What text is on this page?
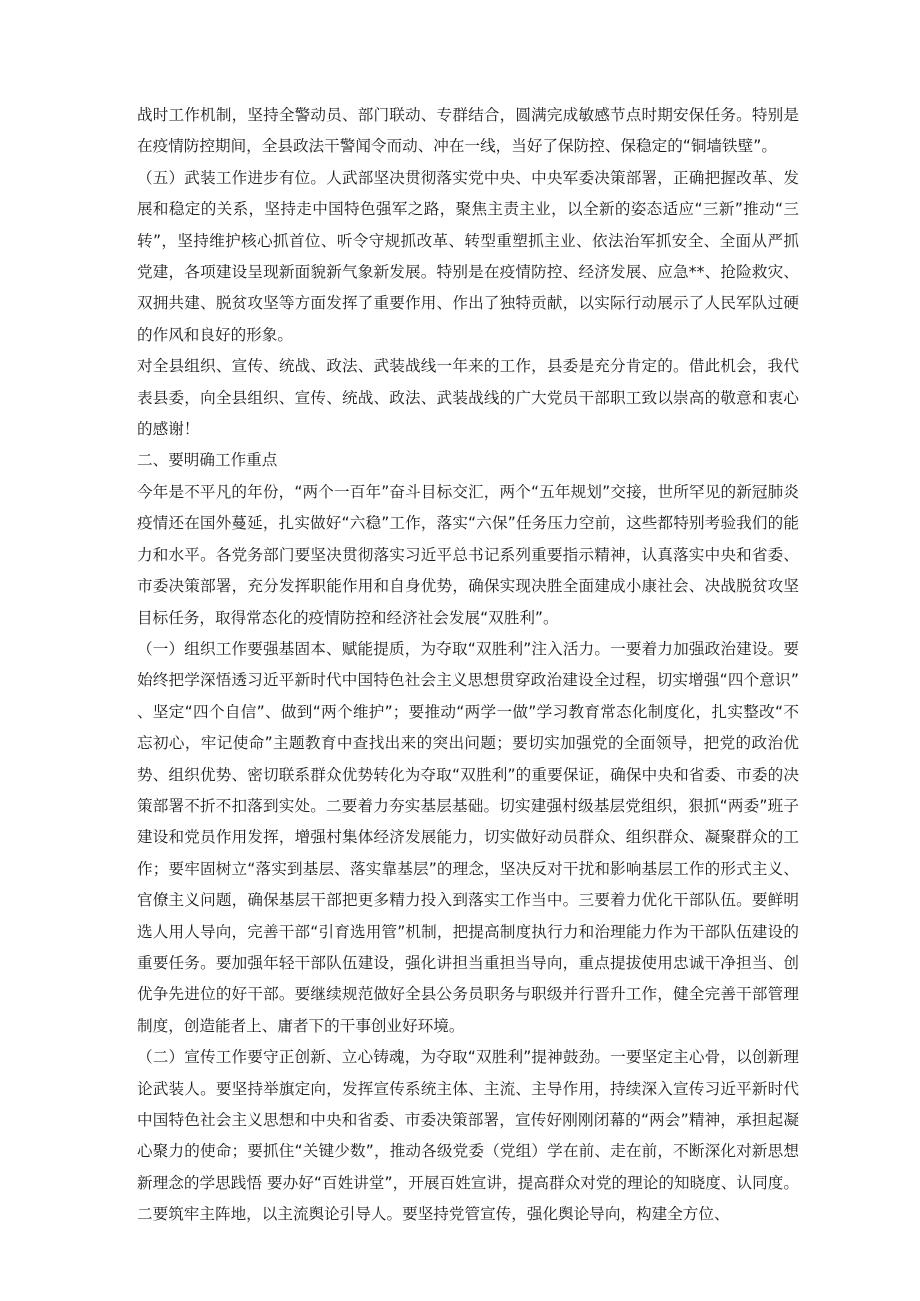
战时工作机制，坚持全警动员、部门联动、专群结合，圆满完成敏感节点时期安保任务。特别是在疫情防控期间，全县政法干警闻令而动、冲在一线，当好了保防控、保稳定的“铜墙铁壁”。

（五）武装工作进步有位。人武部坚决贯彻落实党中央、中央军委决策部署，正确把握改革、发展和稳定的关系，坚持走中国特色强军之路，聚焦主责主业，以全新的姿态适应“三新”推动“三转”，坚持维护核心抓首位、听令守规抓改革、转型重塑抓主业、依法治军抓安全、全面从严抓党建，各项建设呈现新面貌新气象新发展。特别是在疫情防控、经济发展、应急**、抢险救灾、双拥共建、脱贫攻坚等方面发挥了重要作用、作出了独特贡献，以实际行动展示了人民军队过硬的作风和良好的形象。

对全县组织、宣传、统战、政法、武装战线一年来的工作，县委是充分肯定的。借此机会，我代表县委，向全县组织、宣传、统战、政法、武装战线的广大党员干部职工致以崇高的敬意和衷心的感谢！

二、要明确工作重点

今年是不平凡的年份，“两个一百年”奋斗目标交汇，两个“五年规划”交接，世所罕见的新冠肺炎疫情还在国外蔓延，扎实做好“六稳”工作，落实“六保”任务压力空前，这些都特别考验我们的能力和水平。各党务部门要坚决贯彻落实习近平总书记系列重要指示精神，认真落实中央和省委、市委决策部署，充分发挥职能作用和自身优势，确保实现决胜全面建成小康社会、决战脱贫攻坚目标任务，取得常态化的疫情防控和经济社会发展“双胜利”。

（一）组织工作要强基固本、赋能提质，为夺取“双胜利”注入活力。一要着力加强政治建设。要始终把学深悟透习近平新时代中国特色社会主义思想贯穿政治建设全过程，切实增强“四个意识”、坚定“四个自信”、做到“两个维护”；要推动“两学一做”学习教育常态化制度化，扎实整改“不忘初心，牢记使命”主题教育中查找出来的突出问题；要切实加强党的全面领导，把党的政治优势、组织优势、密切联系群众优势转化为夺取“双胜利”的重要保证，确保中央和省委、市委的决策部署不折不扣落到实处。二要着力夯实基层基础。切实建强村级基层党组织，狠抓“两委”班子建设和党员作用发挥，增强村集体经济发展能力，切实做好动员群众、组织群众、凝聚群众的工作；要牢固树立“落实到基层、落实靠基层”的理念，坚决反对干扰和影响基层工作的形式主义、官僚主义问题，确保基层干部把更多精力投入到落实工作当中。三要着力优化干部队伍。要鲜明选人用人导向，完善干部“引育选用管”机制，把提高制度执行力和治理能力作为干部队伍建设的重要任务。要加强年轻干部队伍建设，强化讲担当重担当导向，重点提拔使用忠诚干净担当、创优争先进位的好干部。要继续规范做好全县公务员职务与职级并行晋升工作，健全完善干部管理制度，创造能者上、庸者下的干事创业好环境。

（二）宣传工作要守正创新、立心铸魂，为夺取“双胜利”提神鼓劲。一要坚定主心骨，以创新理论武装人。要坚持举旗定向，发挥宣传系统主体、主流、主导作用，持续深入宣传习近平新时代中国特色社会主义思想和中央和省委、市委决策部署，宣传好刚刚闭幕的“两会”精神，承担起凝心聚力的使命；要抓住“关键少数”，推动各级党委（党组）学在前、走在前，不断深化对新思想新理念的学思践悟 要办好“百姓讲堂”，开展百姓宣讲，提高群众对党的理论的知晓度、认同度。二要筑牢主阵地，以主流舆论引导人。要坚持党管宣传，强化舆论导向，构建全方位、
